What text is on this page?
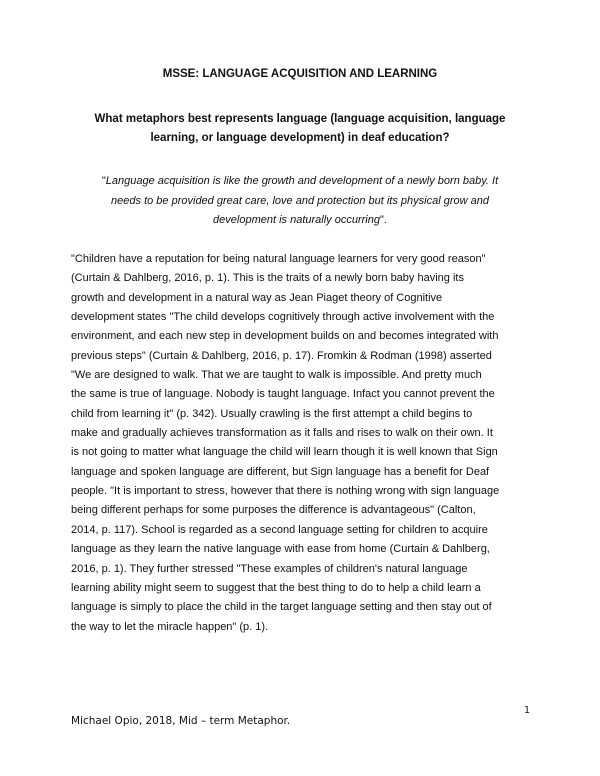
MSSE: LANGUAGE ACQUISITION AND LEARNING
What metaphors best represents language (language acquisition, language
learning, or language development) in deaf education?
"Language acquisition is like the growth and development of a newly born baby. It
needs to be provided great care, love and protection but its physical grow and
development is naturally occurring".
"Children have a reputation for being natural language learners for very good reason"
(Curtain & Dahlberg, 2016, p. 1). This is the traits of a newly born baby having its
growth and development in a natural way as Jean Piaget theory of Cognitive
development states "The child develops cognitively through active involvement with the
environment, and each new step in development builds on and becomes integrated with
previous steps" (Curtain & Dahlberg, 2016, p. 17). Fromkin & Rodman (1998) asserted
"We are designed to walk. That we are taught to walk is impossible. And pretty much
the same is true of language. Nobody is taught language. Infact you cannot prevent the
child from learning it" (p. 342). Usually crawling is the first attempt a child begins to
make and gradually achieves transformation as it falls and rises to walk on their own. It
is not going to matter what language the child will learn though it is well known that Sign
language and spoken language are different, but Sign language has a benefit for Deaf
people. "It is important to stress, however that there is nothing wrong with sign language
being different perhaps for some purposes the difference is advantageous" (Calton,
2014, p. 117). School is regarded as a second language setting for children to acquire
language as they learn the native language with ease from home (Curtain & Dahlberg,
2016, p. 1). They further stressed "These examples of children's natural language
learning ability might seem to suggest that the best thing to do to help a child learn a
language is simply to place the child in the target language setting and then stay out of
the way to let the miracle happen" (p. 1).
1
Michael Opio, 2018, Mid – term Metaphor.
